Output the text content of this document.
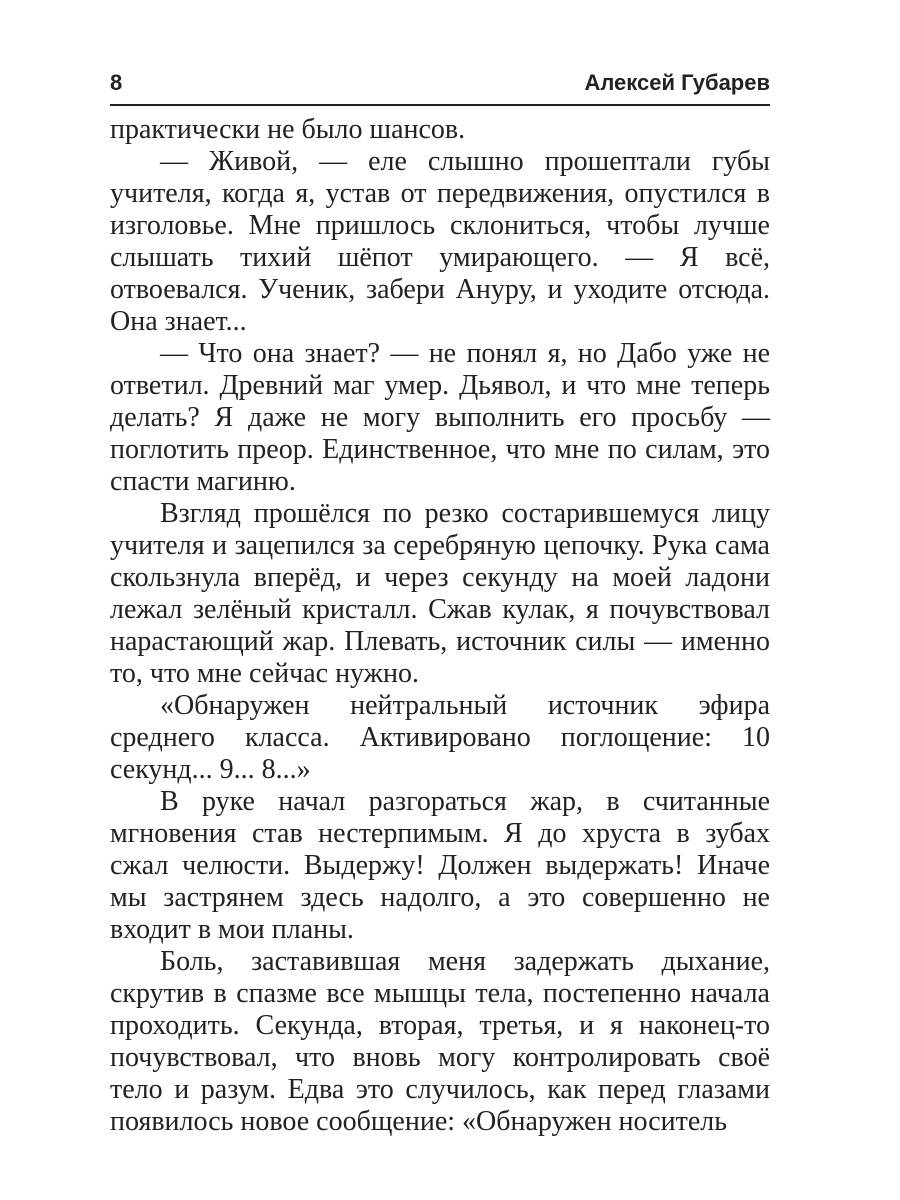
8	Алексей Губарев

практически не было шансов.

— Живой, — еле слышно прошептали губы учителя, когда я, устав от передвижения, опустился в изголовье. Мне пришлось склониться, чтобы лучше слышать тихий шёпот умирающего. — Я всё, отвоевался. Ученик, забери Ануру, и уходите отсюда. Она знает...

— Что она знает? — не понял я, но Дабо уже не ответил. Древний маг умер. Дьявол, и что мне теперь делать? Я даже не могу выполнить его просьбу — поглотить преор. Единственное, что мне по силам, это спасти магиню.

Взгляд прошёлся по резко состарившемуся лицу учителя и зацепился за серебряную цепочку. Рука сама скользнула вперёд, и через секунду на моей ладони лежал зелёный кристалл. Сжав кулак, я почувствовал нарастающий жар. Плевать, источник силы — именно то, что мне сейчас нужно.

«Обнаружен нейтральный источник эфира среднего класса. Активировано поглощение: 10 секунд... 9... 8...»

В руке начал разгораться жар, в считанные мгновения став нестерпимым. Я до хруста в зубах сжал челюсти. Выдержу! Должен выдержать! Иначе мы застрянем здесь надолго, а это совершенно не входит в мои планы.

Боль, заставившая меня задержать дыхание, скрутив в спазме все мышцы тела, постепенно начала проходить. Секунда, вторая, третья, и я наконец-то почувствовал, что вновь могу контролировать своё тело и разум. Едва это случилось, как перед глазами появилось новое сообщение: «Обнаружен носитель
